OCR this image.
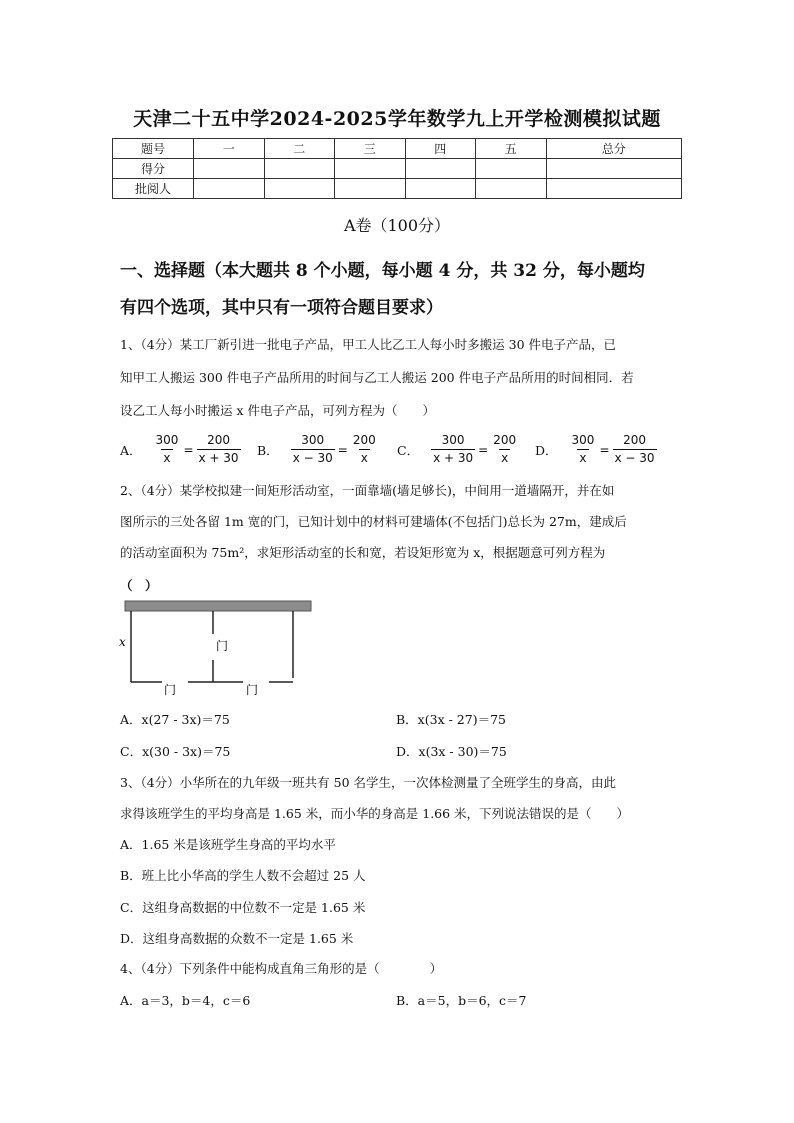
天津二十五中学2024-2025学年数学九上开学检测模拟试题
题号	一	二	三	四	五	总分
得分						
批阅人						
A卷（100分）
一、选择题（本大题共 8 个小题，每小题 4 分，共 32 分，每小题均
有四个选项，其中只有一项符合题目要求）
1、（4分）某工厂新引进一批电子产品，甲工人比乙工人每小时多搬运 30 件电子产品，已
知甲工人搬运 300 件电子产品所用的时间与乙工人搬运 200 件电子产品所用的时间相同．若
设乙工人每小时搬运 x 件电子产品，可列方程为（　　）
A． $\frac{300}{x} = \frac{200}{x + 30}$ B． $\frac{300}{x - 30} = \frac{200}{x}$ C． $\frac{300}{x + 30} = \frac{200}{x}$ D． $\frac{300}{x} = \frac{200}{x - 30}$
2、（4分）某学校拟建一间矩形活动室，一面靠墙(墙足够长)，中间用一道墙隔开，并在如
图所示的三处各留 1m 宽的门，已知计划中的材料可建墙体(不包括门)总长为 27m，建成后
的活动室面积为 75m²，求矩形活动室的长和宽，若设矩形宽为 x，根据题意可列方程为
（　）
x	门
门	门
A．x(27 - 3x)＝75	B．x(3x - 27)＝75
C．x(30 - 3x)＝75	D．x(3x - 30)＝75
3、（4分）小华所在的九年级一班共有 50 名学生，一次体检测量了全班学生的身高，由此
求得该班学生的平均身高是 1.65 米，而小华的身高是 1.66 米，下列说法错误的是（　　）
A．1.65 米是该班学生身高的平均水平
B．班上比小华高的学生人数不会超过 25 人
C．这组身高数据的中位数不一定是 1.65 米
D．这组身高数据的众数不一定是 1.65 米
4、（4分）下列条件中能构成直角三角形的是（　　　　）
A．a＝3，b＝4，c＝6	B．a＝5，b＝6，c＝7
